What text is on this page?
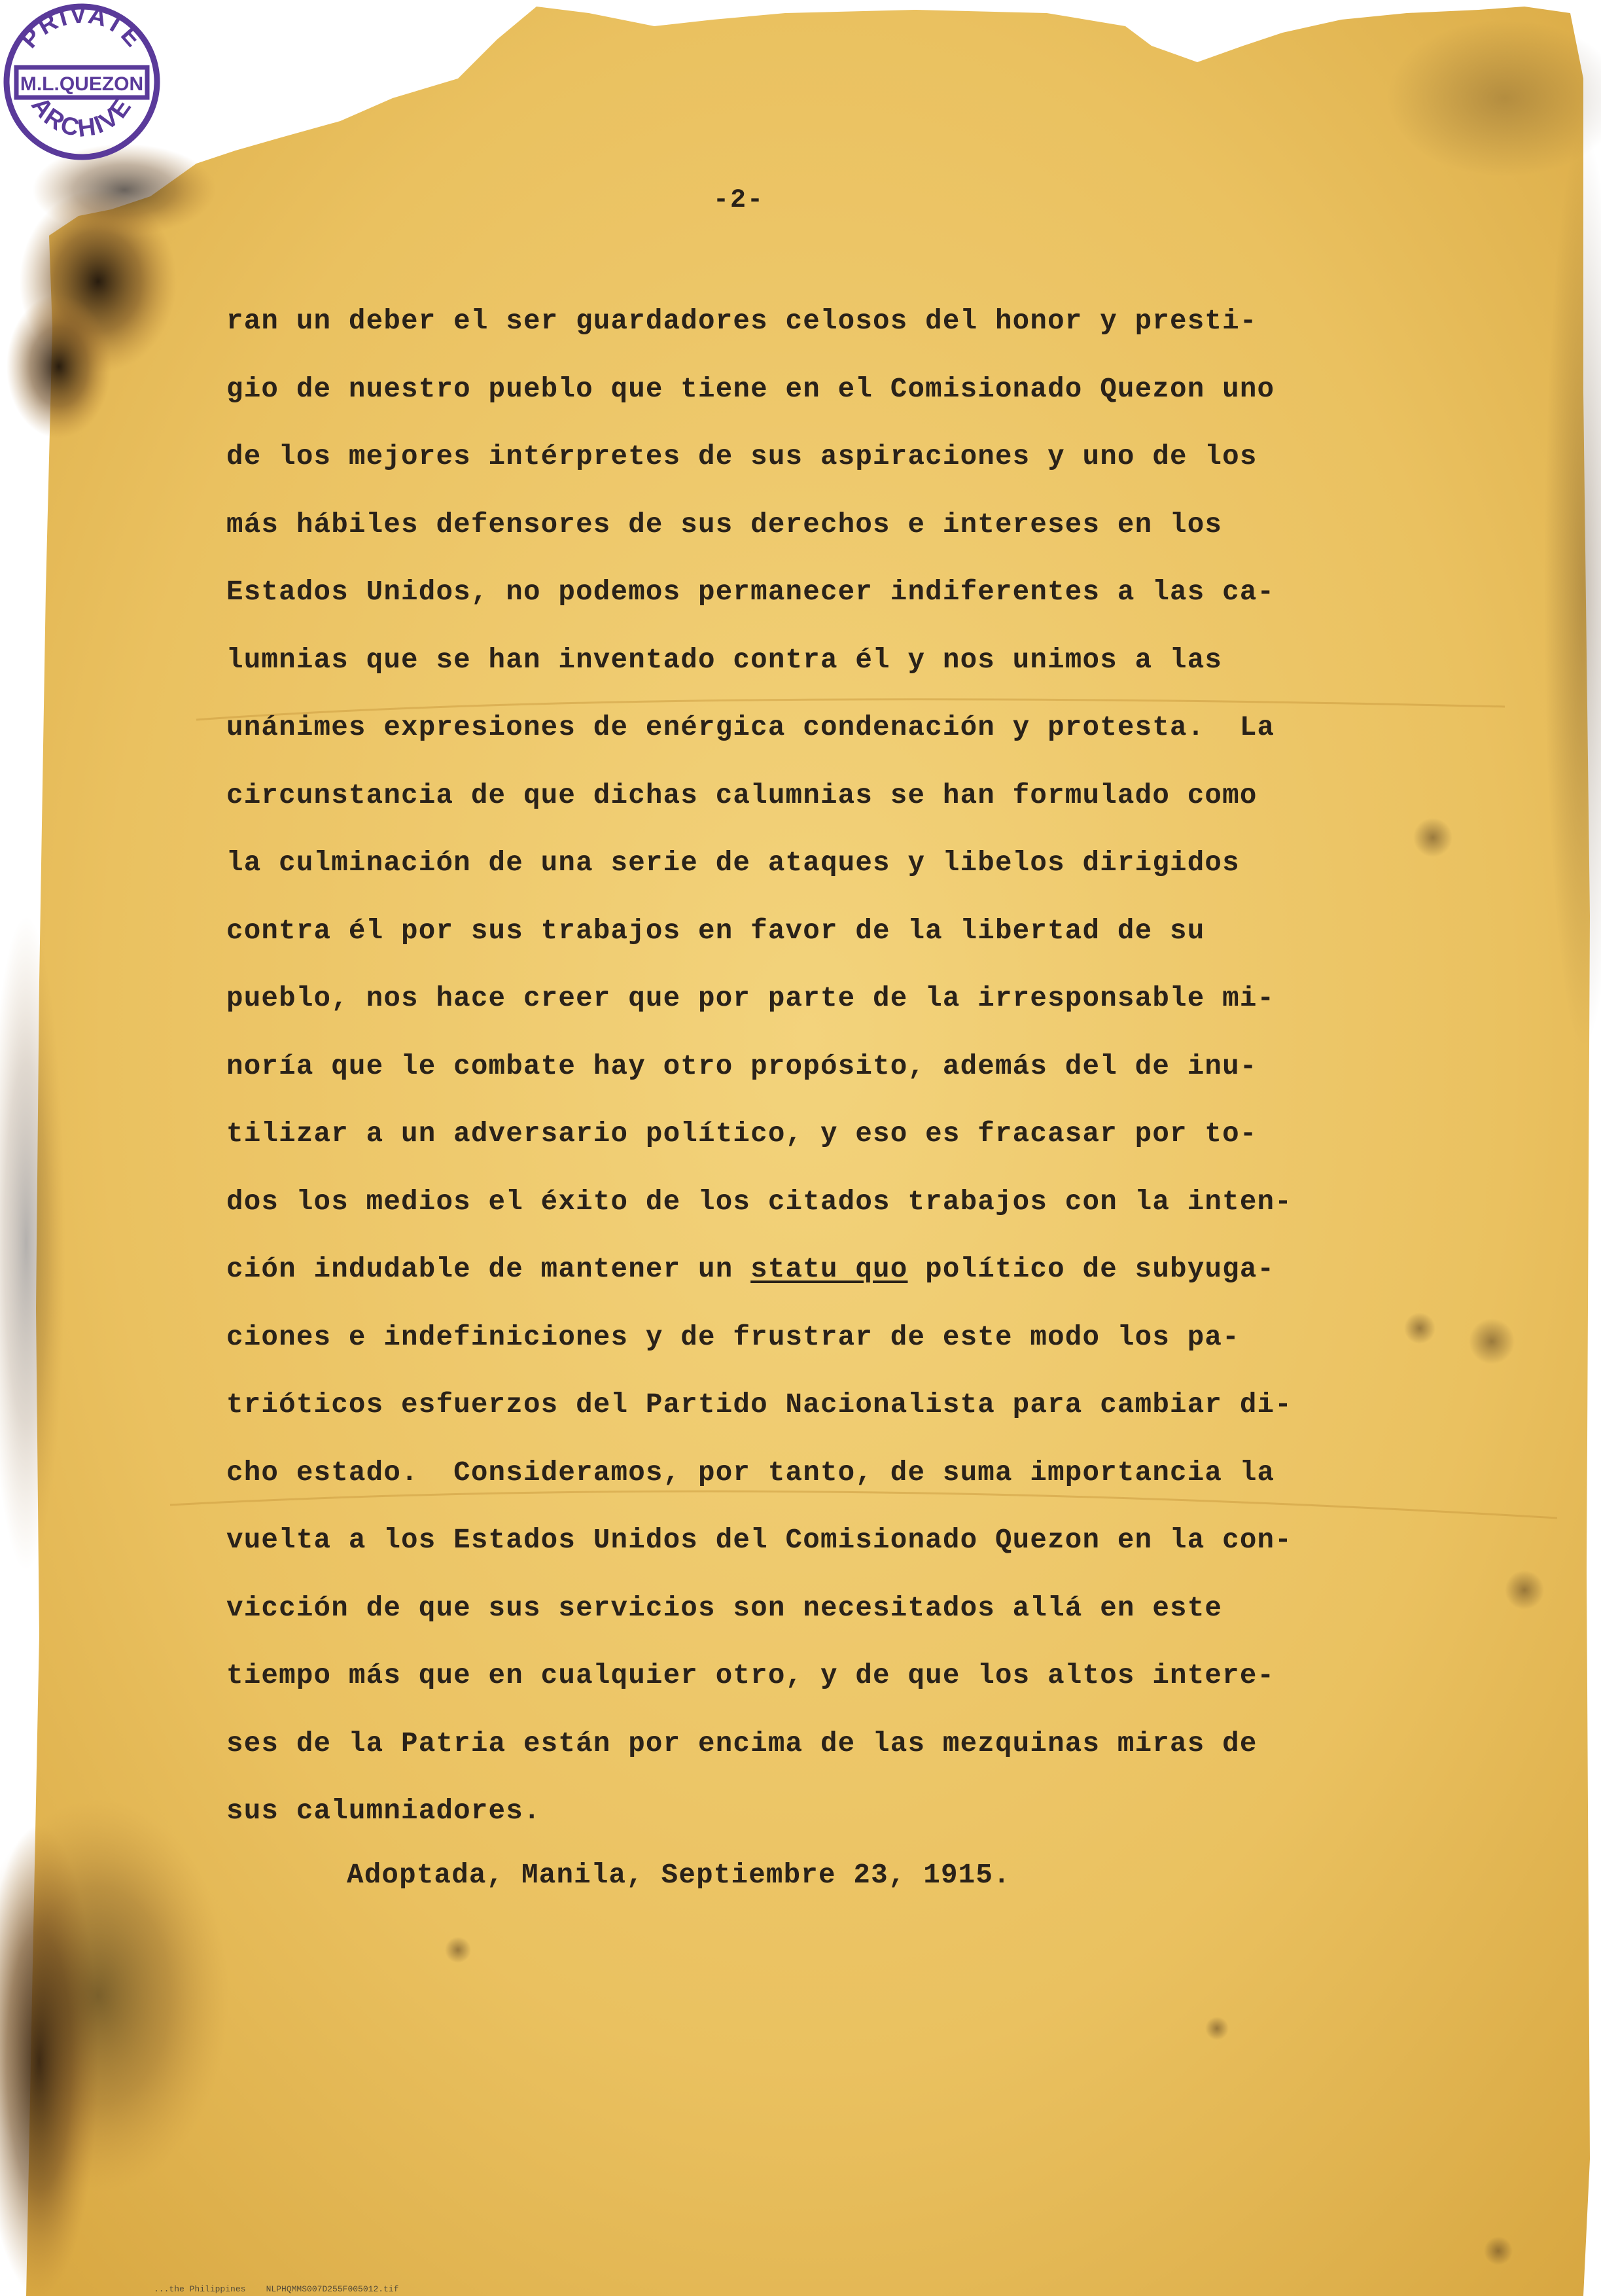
PRIVATE
M.L.QUEZON
ARCHIVE
-2-
ran un deber el ser guardadores celosos del honor y presti-
gio de nuestro pueblo que tiene en el Comisionado Quezon uno
de los mejores intérpretes de sus aspiraciones y uno de los
más hábiles defensores de sus derechos e intereses en los
Estados Unidos, no podemos permanecer indiferentes a las ca-
lumnias que se han inventado contra él y nos unimos a las
unánimes expresiones de enérgica condenación y protesta.  La
circunstancia de que dichas calumnias se han formulado como
la culminación de una serie de ataques y libelos dirigidos
contra él por sus trabajos en favor de la libertad de su
pueblo, nos hace creer que por parte de la irresponsable mi-
noría que le combate hay otro propósito, además del de inu-
tilizar a un adversario político, y eso es fracasar por to-
dos los medios el éxito de los citados trabajos con la inten-
ción indudable de mantener un statu quo político de subyuga-
ciones e indefiniciones y de frustrar de este modo los pa-
trióticos esfuerzos del Partido Nacionalista para cambiar di-
cho estado.  Consideramos, por tanto, de suma importancia la
vuelta a los Estados Unidos del Comisionado Quezon en la con-
vicción de que sus servicios son necesitados allá en este
tiempo más que en cualquier otro, y de que los altos intere-
ses de la Patria están por encima de las mezquinas miras de
sus calumniadores.
Adoptada, Manila, Septiembre 23, 1915.
...the Philippines    NLPHQMMS007D255F005012.tif
